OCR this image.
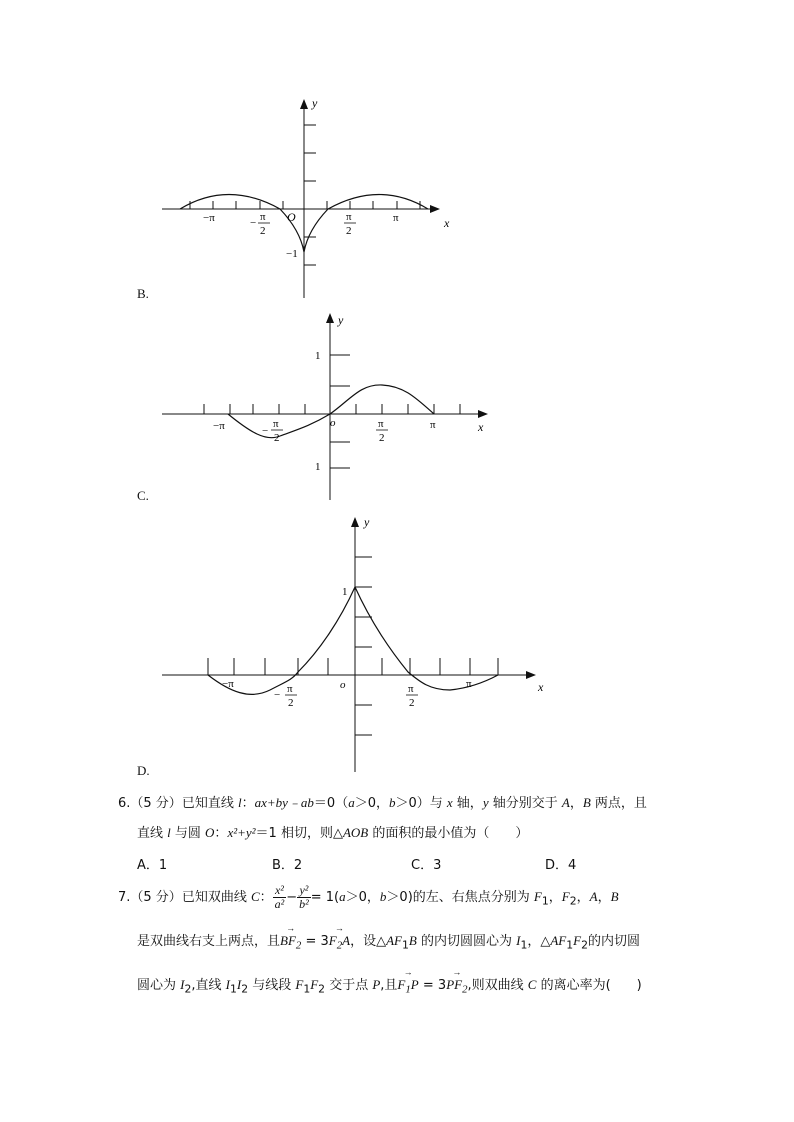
y
x
O
−π	π
− π
2
π
2
−1
B.
y
x
o
−π	π
−
π
2
π
2
1
1
C.
y
x
o
1
−π	π
− π
2
π
2
D.
6.（5 分）已知直线 l：ax+by﹣ab＝0（a＞0，b＞0）与 x 轴，y 轴分别交于 A，B 两点，且
直线 l 与圆 O：x²+y²＝1 相切，则△AOB 的面积的最小值为（　　）
A．1	B．2	C．3	D．4
7.（5 分）已知双曲线 C： $\frac{\text{x²}}{\text{a²}} - \frac{\text{y²}}{\text{b²}} = 1(a>0$，b＞0)的左、右焦点分别为 $F_1$，$F_2$，A，B
是双曲线右支上两点，且→ $BF_2 = 3\to F_2A$，设$\triangle AF_1B$ 的内切圆圆心为 $I_1$，$\triangle AF_1F_2$的内切圆
圆心为 $I_2$,直线 $I_1I_2$ 与线段 $F_1F_2$ 交于点 P,且→ $F_1P = 3\to PF_2$,则双曲线 C 的离心率为(　　)
